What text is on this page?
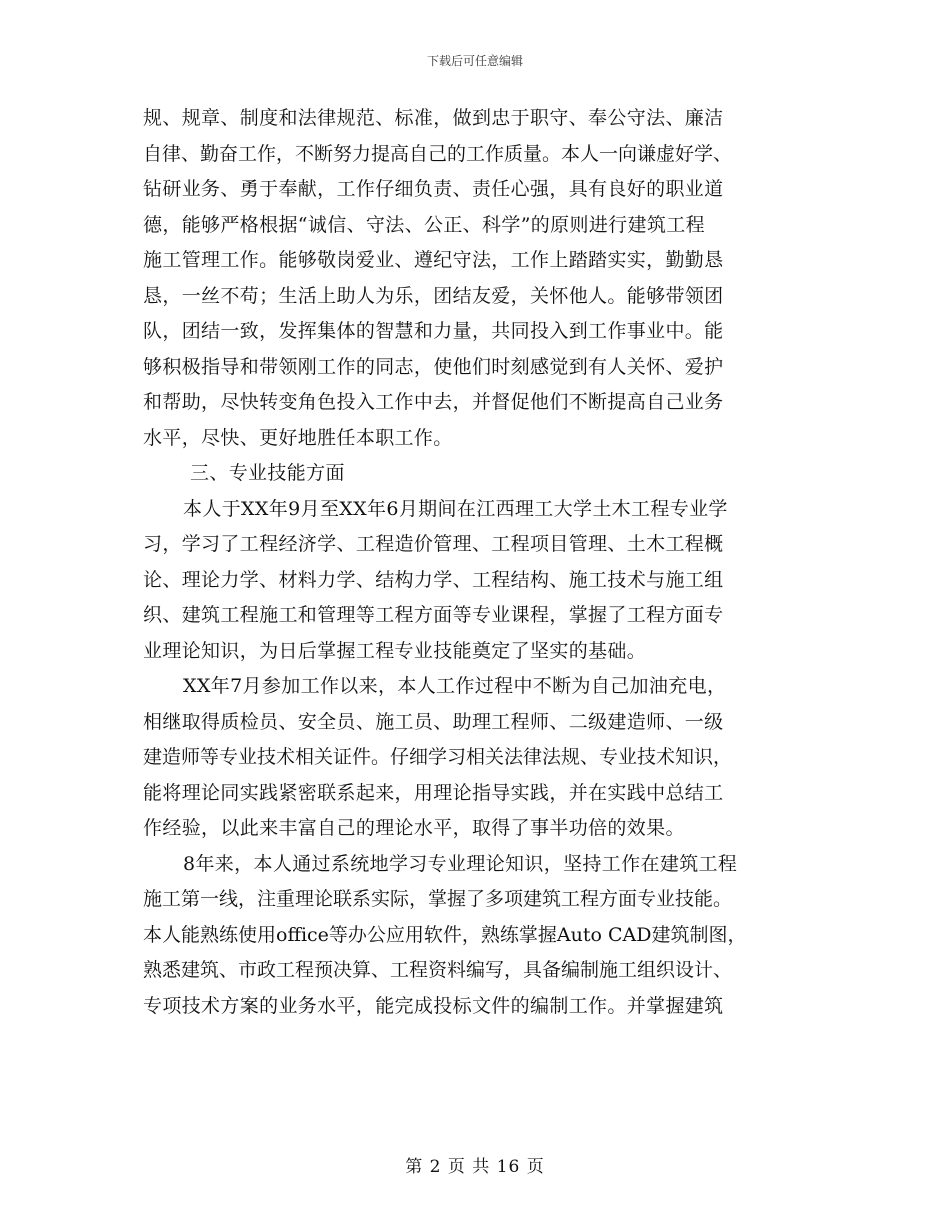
下载后可任意编辑
规、规章、制度和法律规范、标准，做到忠于职守、奉公守法、廉洁
自律、勤奋工作，不断努力提高自己的工作质量。本人一向谦虚好学、
钻研业务、勇于奉献，工作仔细负责、责任心强，具有良好的职业道
德，能够严格根据“诚信、守法、公正、科学”的原则进行建筑工程
施工管理工作。能够敬岗爱业、遵纪守法，工作上踏踏实实，勤勤恳
恳，一丝不苟；生活上助人为乐，团结友爱，关怀他人。能够带领团
队，团结一致，发挥集体的智慧和力量，共同投入到工作事业中。能
够积极指导和带领刚工作的同志，使他们时刻感觉到有人关怀、爱护
和帮助，尽快转变角色投入工作中去，并督促他们不断提高自己业务
水平，尽快、更好地胜任本职工作。
三、专业技能方面
本人于XX年9月至XX年6月期间在江西理工大学土木工程专业学
习，学习了工程经济学、工程造价管理、工程项目管理、土木工程概
论、理论力学、材料力学、结构力学、工程结构、施工技术与施工组
织、建筑工程施工和管理等工程方面等专业课程，掌握了工程方面专
业理论知识，为日后掌握工程专业技能奠定了坚实的基础。
XX年7月参加工作以来，本人工作过程中不断为自己加油充电，
相继取得质检员、安全员、施工员、助理工程师、二级建造师、一级
建造师等专业技术相关证件。仔细学习相关法律法规、专业技术知识，
能将理论同实践紧密联系起来，用理论指导实践，并在实践中总结工
作经验，以此来丰富自己的理论水平，取得了事半功倍的效果。
8年来，本人通过系统地学习专业理论知识，坚持工作在建筑工程
施工第一线，注重理论联系实际，掌握了多项建筑工程方面专业技能。
本人能熟练使用office等办公应用软件，熟练掌握Auto CAD建筑制图，
熟悉建筑、市政工程预决算、工程资料编写，具备编制施工组织设计、
专项技术方案的业务水平，能完成投标文件的编制工作。并掌握建筑
第 2 页 共 16 页
